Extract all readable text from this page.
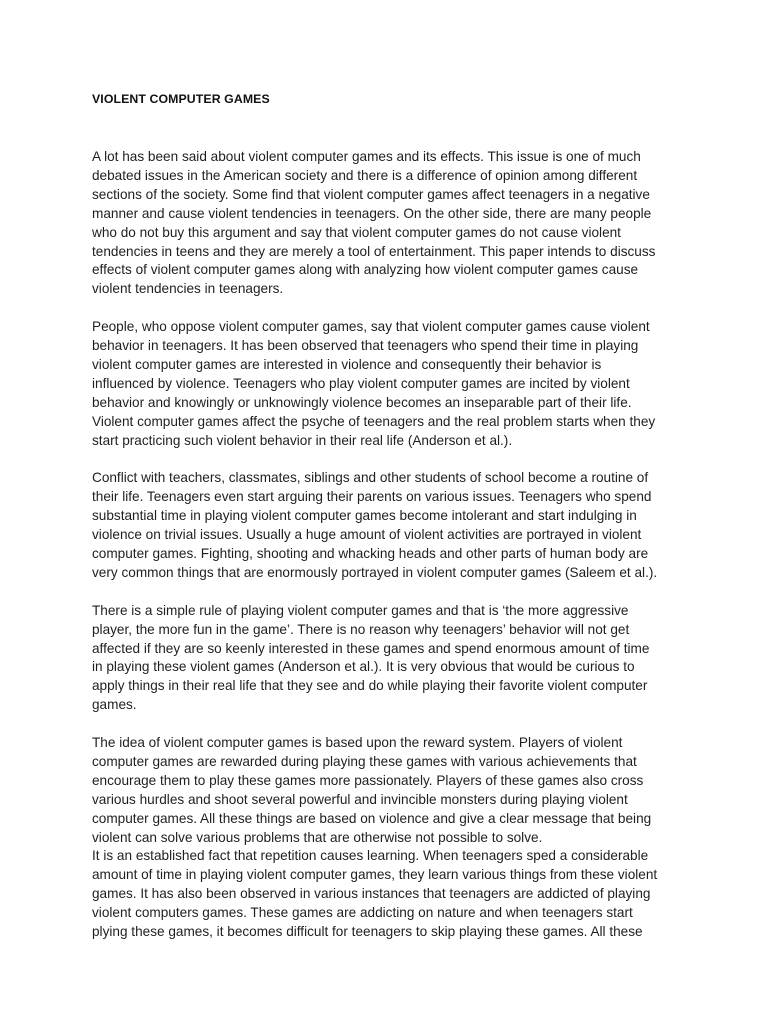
VIOLENT COMPUTER GAMES

A lot has been said about violent computer games and its effects. This issue is one of much debated issues in the American society and there is a difference of opinion among different sections of the society. Some find that violent computer games affect teenagers in a negative manner and cause violent tendencies in teenagers. On the other side, there are many people who do not buy this argument and say that violent computer games do not cause violent tendencies in teens and they are merely a tool of entertainment. This paper intends to discuss effects of violent computer games along with analyzing how violent computer games cause violent tendencies in teenagers.

People, who oppose violent computer games, say that violent computer games cause violent behavior in teenagers. It has been observed that teenagers who spend their time in playing violent computer games are interested in violence and consequently their behavior is influenced by violence. Teenagers who play violent computer games are incited by violent behavior and knowingly or unknowingly violence becomes an inseparable part of their life. Violent computer games affect the psyche of teenagers and the real problem starts when they start practicing such violent behavior in their real life (Anderson et al.).

Conflict with teachers, classmates, siblings and other students of school become a routine of their life. Teenagers even start arguing their parents on various issues. Teenagers who spend substantial time in playing violent computer games become intolerant and start indulging in violence on trivial issues. Usually a huge amount of violent activities are portrayed in violent computer games. Fighting, shooting and whacking heads and other parts of human body are very common things that are enormously portrayed in violent computer games (Saleem et al.).

There is a simple rule of playing violent computer games and that is ‘the more aggressive player, the more fun in the game’. There is no reason why teenagers’ behavior will not get affected if they are so keenly interested in these games and spend enormous amount of time in playing these violent games (Anderson et al.). It is very obvious that would be curious to apply things in their real life that they see and do while playing their favorite violent computer games.

The idea of violent computer games is based upon the reward system. Players of violent computer games are rewarded during playing these games with various achievements that encourage them to play these games more passionately. Players of these games also cross various hurdles and shoot several powerful and invincible monsters during playing violent computer games. All these things are based on violence and give a clear message that being violent can solve various problems that are otherwise not possible to solve.

It is an established fact that repetition causes learning. When teenagers sped a considerable amount of time in playing violent computer games, they learn various things from these violent games. It has also been observed in various instances that teenagers are addicted of playing violent computers games. These games are addicting on nature and when teenagers start plying these games, it becomes difficult for teenagers to skip playing these games. All these
